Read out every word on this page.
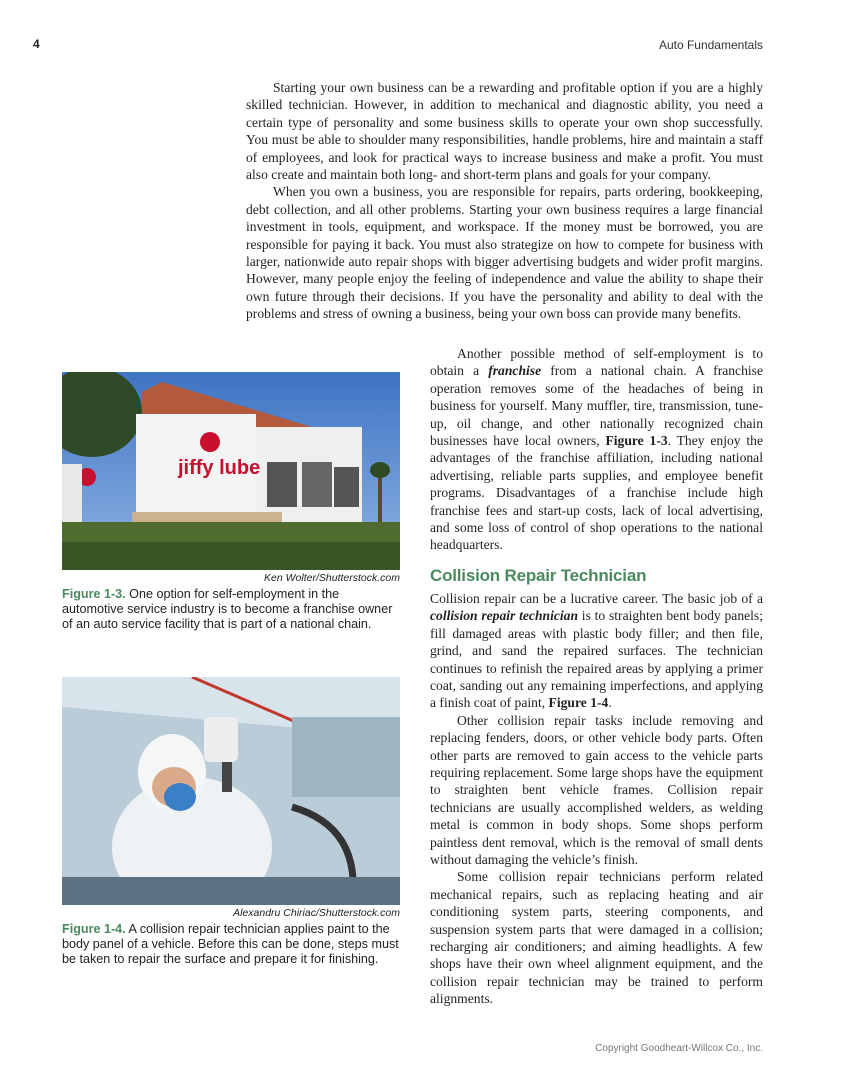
4	Auto Fundamentals

Starting your own business can be a rewarding and profitable option if you are a highly skilled technician. However, in addition to mechanical and diagnostic ability, you need a certain type of personality and some business skills to operate your own shop successfully. You must be able to shoulder many responsibilities, handle problems, hire and maintain a staff of employees, and look for practical ways to increase business and make a profit. You must also create and maintain both long- and short-term plans and goals for your company.

When you own a business, you are responsible for repairs, parts ordering, bookkeeping, debt collection, and all other problems. Starting your own business requires a large financial investment in tools, equipment, and workspace. If the money must be borrowed, you are responsible for paying it back. You must also strategize on how to compete for business with larger, nationwide auto repair shops with bigger advertising budgets and wider profit margins. However, many people enjoy the feeling of independence and value the ability to shape their own future through their decisions. If you have the personality and ability to deal with the problems and stress of owning a business, being your own boss can provide many benefits.

Another possible method of self-employment is to obtain a franchise from a national chain. A franchise operation removes some of the headaches of being in business for yourself. Many muffler, tire, transmission, tune-up, oil change, and other nationally recognized chain businesses have local owners, Figure 1-3. They enjoy the advantages of the franchise affiliation, including national advertising, reliable parts supplies, and employee benefit programs. Disadvantages of a franchise include high franchise fees and start-up costs, lack of local advertising, and some loss of control of shop operations to the national headquarters.

Collision Repair Technician

Collision repair can be a lucrative career. The basic job of a collision repair technician is to straighten bent body panels; fill damaged areas with plastic body filler; and then file, grind, and sand the repaired surfaces. The technician continues to refinish the repaired areas by applying a primer coat, sanding out any remaining imperfections, and applying a finish coat of paint, Figure 1-4.

Other collision repair tasks include removing and replacing fenders, doors, or other vehicle body parts. Often other parts are removed to gain access to the vehicle parts requiring replacement. Some large shops have the equipment to straighten bent vehicle frames. Collision repair technicians are usually accomplished welders, as welding metal is common in body shops. Some shops perform paintless dent removal, which is the removal of small dents without damaging the vehicle’s finish.

Some collision repair technicians perform related mechanical repairs, such as replacing heating and air conditioning system parts, steering components, and suspension system parts that were damaged in a collision; recharging air conditioners; and aiming headlights. A few shops have their own wheel alignment equipment, and the collision repair technician may be trained to perform alignments.

jiffy lube
Ken Wolter/Shutterstock.com
Figure 1-3. One option for self-employment in the automotive service industry is to become a franchise owner of an auto service facility that is part of a national chain.
Alexandru Chiriac/Shutterstock.com
Figure 1-4. A collision repair technician applies paint to the body panel of a vehicle. Before this can be done, steps must be taken to repair the surface and prepare it for finishing.
Copyright Goodheart-Willcox Co., Inc.
